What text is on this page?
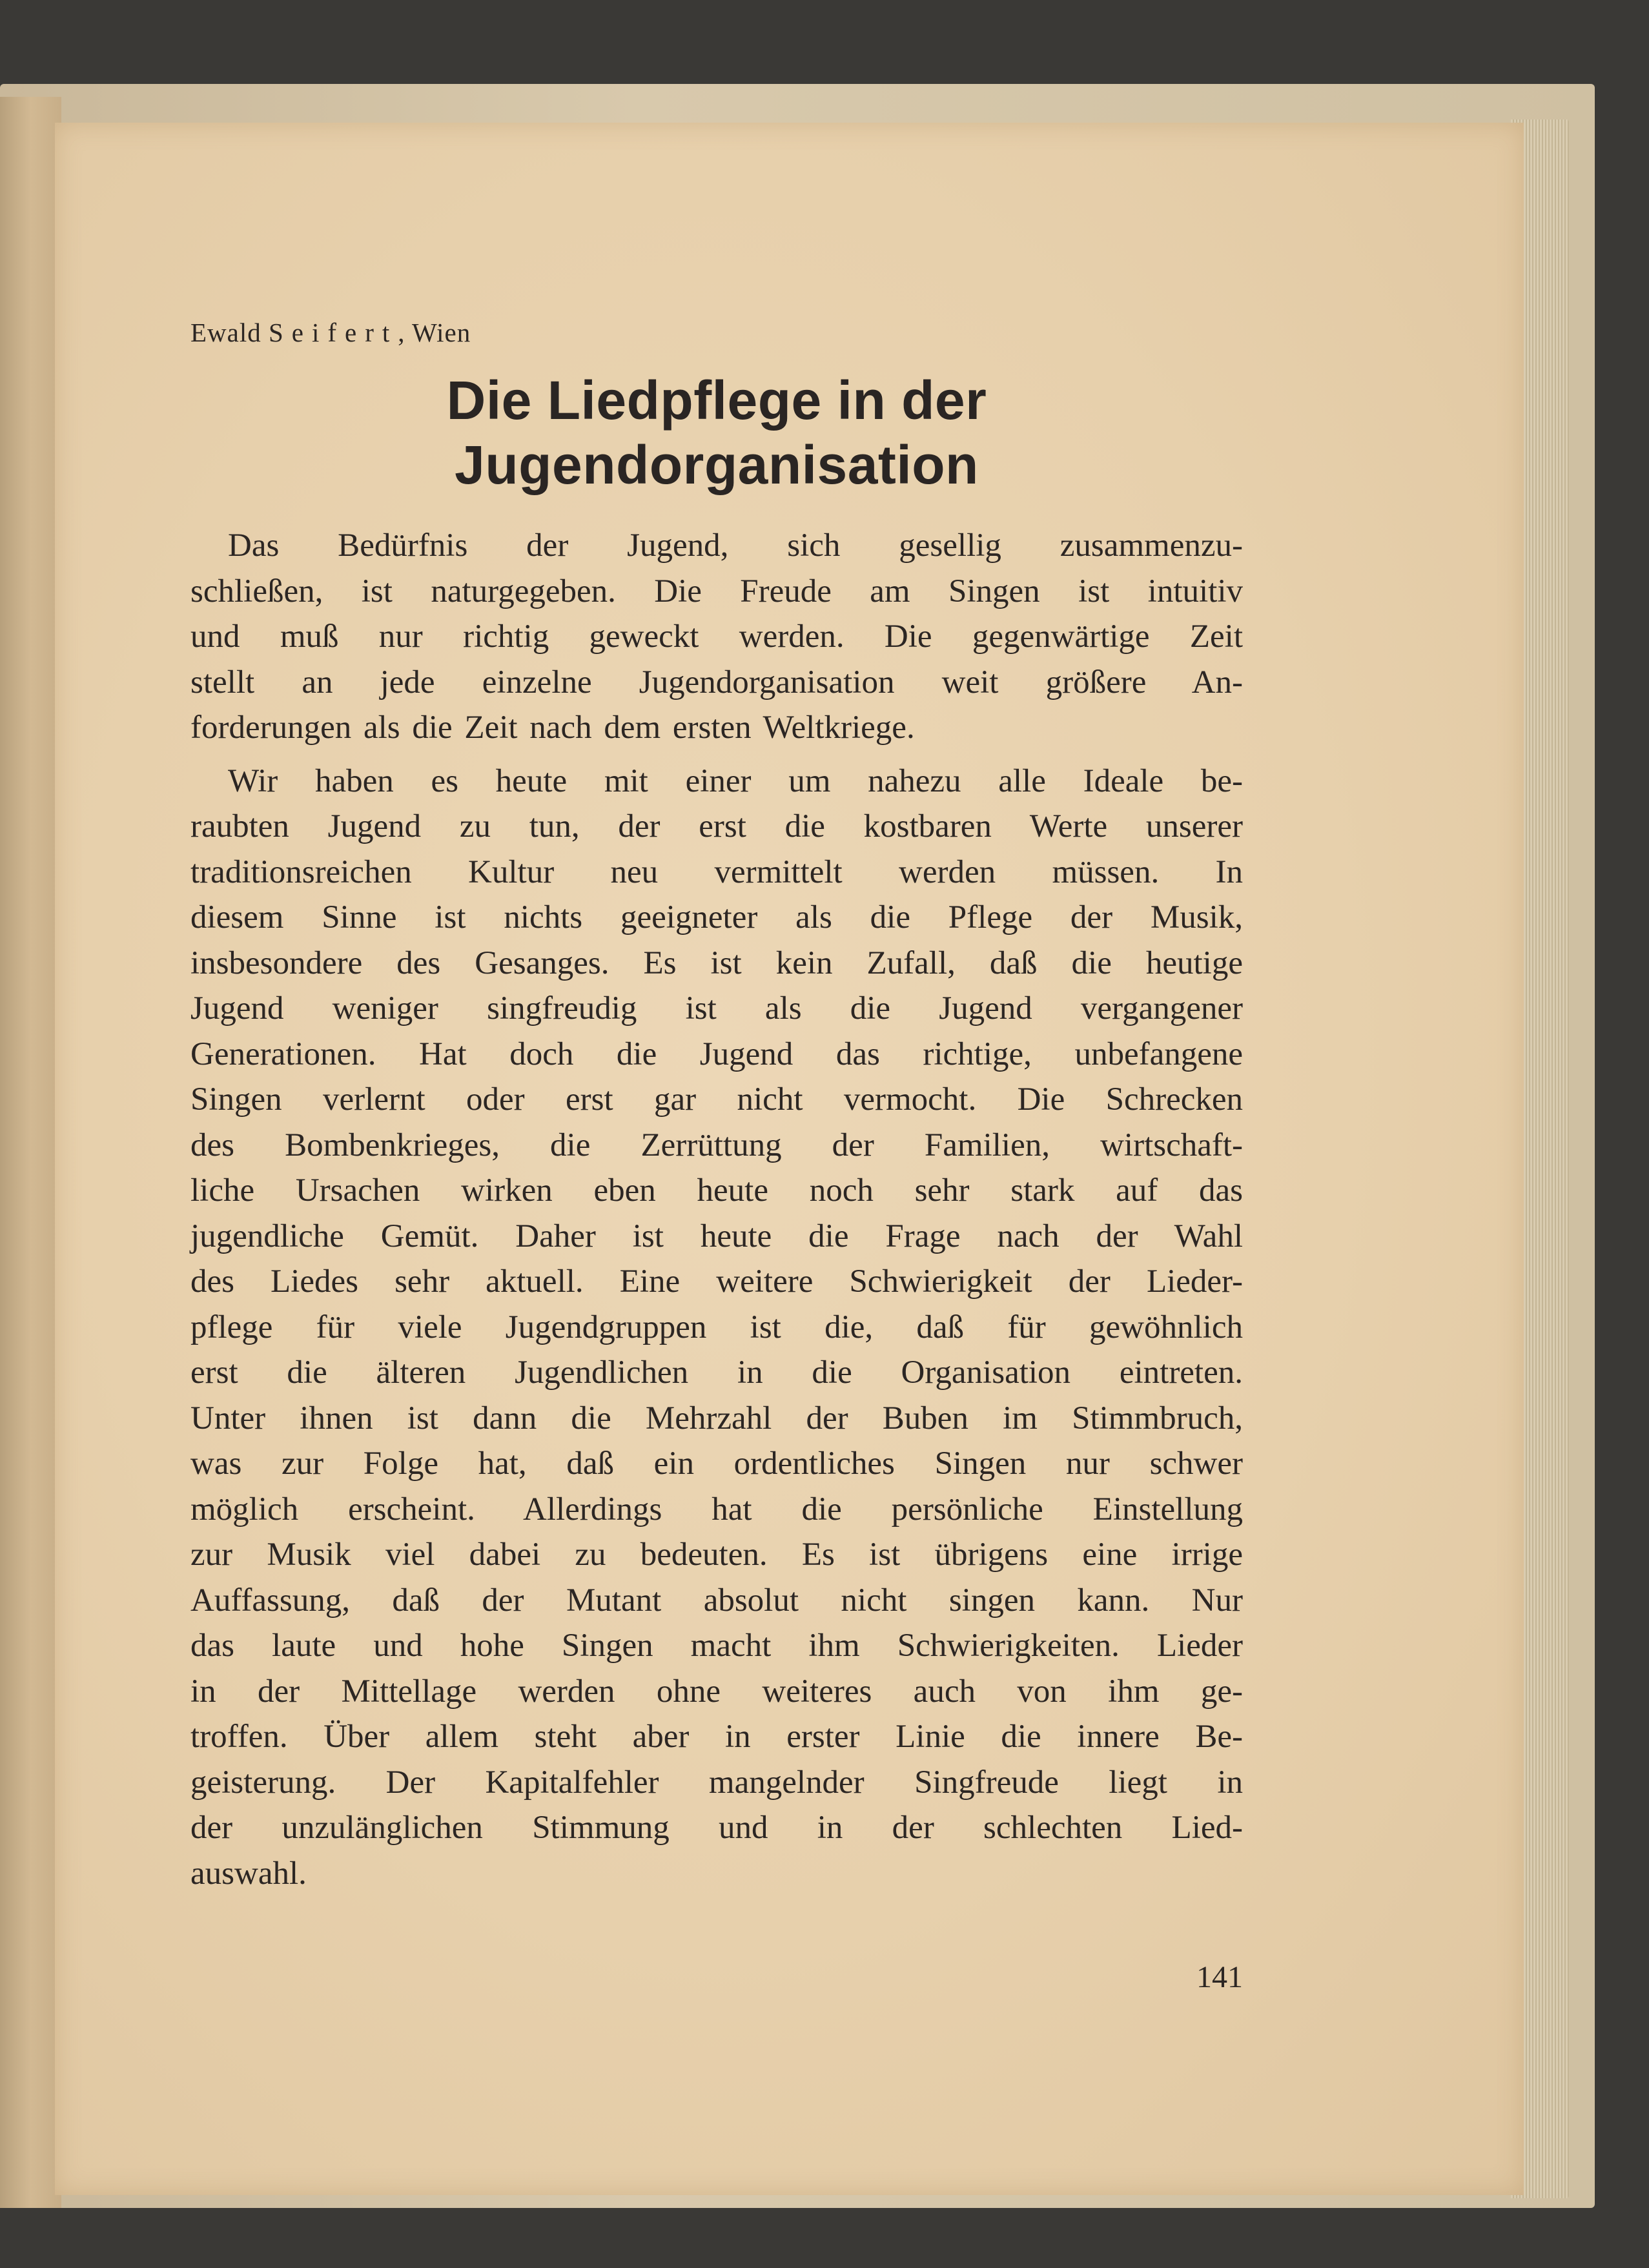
Ewald Seifert, Wien
Die Liedpflege in der
Jugendorganisation
Das Bedürfnis der Jugend, sich gesellig zusammenzu-
schließen, ist naturgegeben. Die Freude am Singen ist intuitiv
und muß nur richtig geweckt werden. Die gegenwärtige Zeit
stellt an jede einzelne Jugendorganisation weit größere An-
forderungen als die Zeit nach dem ersten Weltkriege.
Wir haben es heute mit einer um nahezu alle Ideale be-
raubten Jugend zu tun, der erst die kostbaren Werte unserer
traditionsreichen Kultur neu vermittelt werden müssen. In
diesem Sinne ist nichts geeigneter als die Pflege der Musik,
insbesondere des Gesanges. Es ist kein Zufall, daß die heutige
Jugend weniger singfreudig ist als die Jugend vergangener
Generationen. Hat doch die Jugend das richtige, unbefangene
Singen verlernt oder erst gar nicht vermocht. Die Schrecken
des Bombenkrieges, die Zerrüttung der Familien, wirtschaft-
liche Ursachen wirken eben heute noch sehr stark auf das
jugendliche Gemüt. Daher ist heute die Frage nach der Wahl
des Liedes sehr aktuell. Eine weitere Schwierigkeit der Lieder-
pflege für viele Jugendgruppen ist die, daß für gewöhnlich
erst die älteren Jugendlichen in die Organisation eintreten.
Unter ihnen ist dann die Mehrzahl der Buben im Stimmbruch,
was zur Folge hat, daß ein ordentliches Singen nur schwer
möglich erscheint. Allerdings hat die persönliche Einstellung
zur Musik viel dabei zu bedeuten. Es ist übrigens eine irrige
Auffassung, daß der Mutant absolut nicht singen kann. Nur
das laute und hohe Singen macht ihm Schwierigkeiten. Lieder
in der Mittellage werden ohne weiteres auch von ihm ge-
troffen. Über allem steht aber in erster Linie die innere Be-
geisterung. Der Kapitalfehler mangelnder Singfreude liegt in
der unzulänglichen Stimmung und in der schlechten Lied-
auswahl.
141
